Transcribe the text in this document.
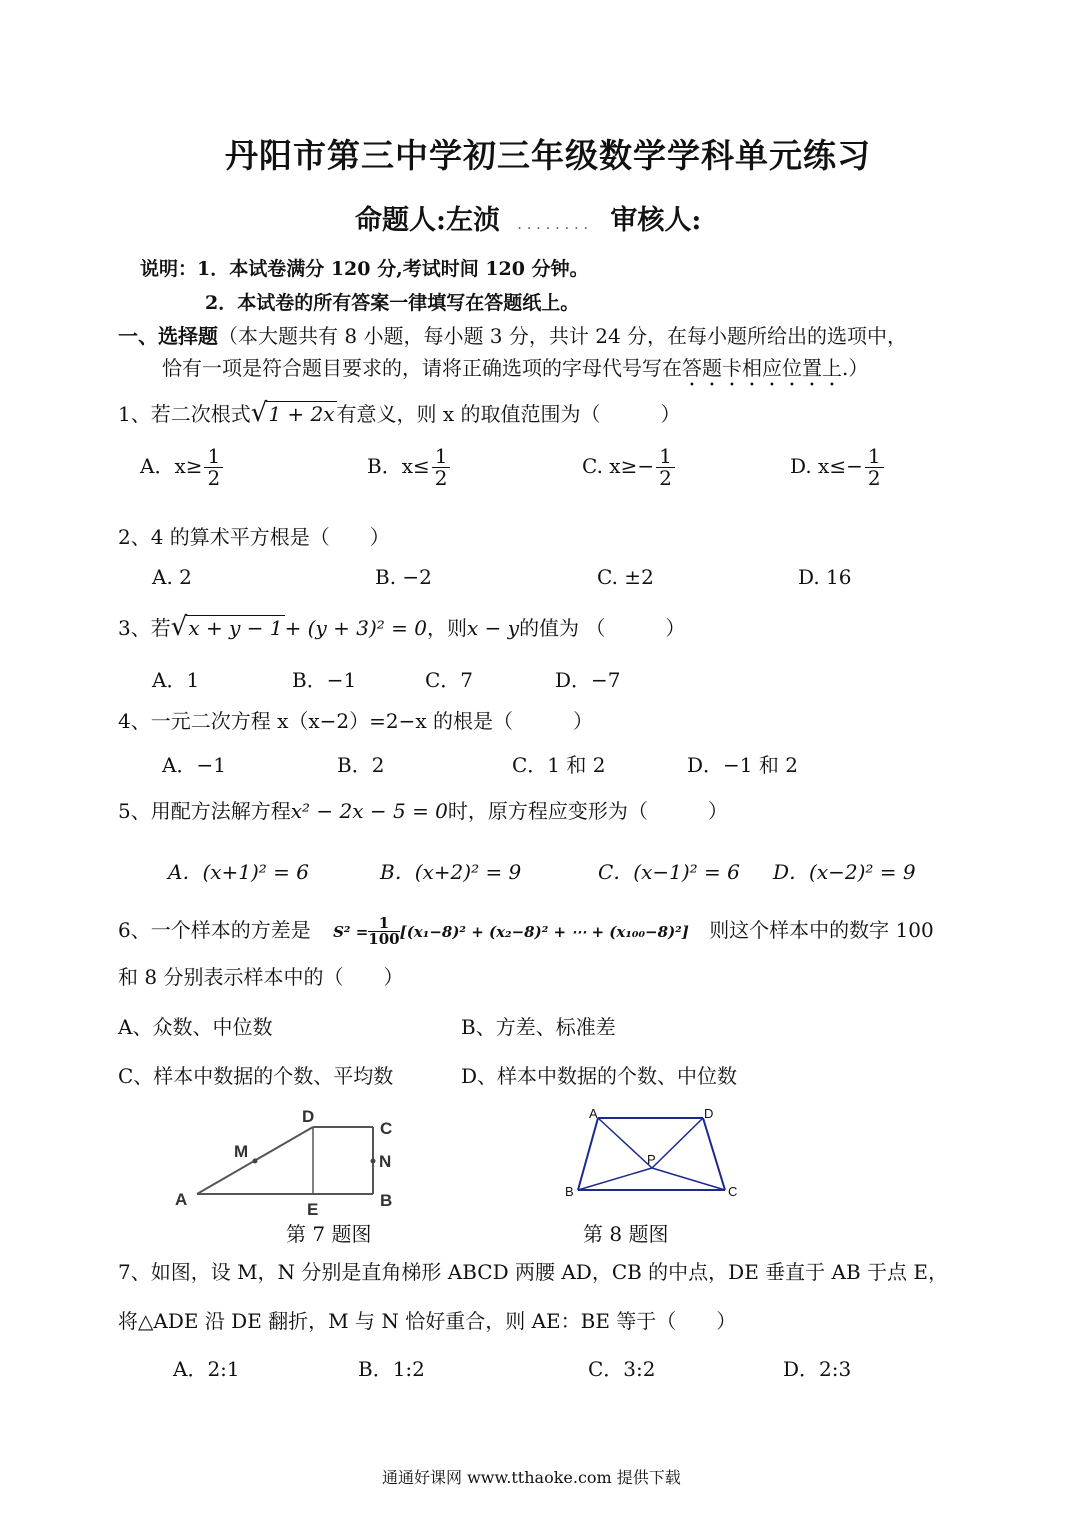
丹阳市第三中学初三年级数学学科单元练习
命题人:左浈 ........ 审核人:
说明：1．本试卷满分 120 分,考试时间 120 分钟。
2．本试卷的所有答案一律填写在答题纸上。
一、选择题（本大题共有 8 小题，每小题 3 分，共计 24 分，在每小题所给出的选项中，
恰有一项是符合题目要求的，请将正确选项的字母代号写在答题卡相应位置上.）
1、若二次根式√1 + 2x 有意义，则 x 的取值范围为（　　　）
A．$x\ge \frac{1}{2}$	B．$x\le \frac{1}{2}$	C. $x\ge- \frac{1}{2}$	D. $x\le- \frac{1}{2}$
2、4 的算术平方根是（　　）
A. 2	B. −2	C. ±2	D. 16
3、若√x + y − 1 + (y + 3)² = 0，则x − y的值为 （　　　）
A．1	B．−1	C．7	D．−7
4、一元二次方程 x（x−2）=2−x 的根是（　　　）
A．−1	B．2	C．1 和 2	D．−1 和 2
5、用配方法解方程x² − 2x − 5 = 0时，原方程应变形为（　　　）
A．(x+1)² = 6	B．(x+2)² = 9	C．(x−1)² = 6 D．(x−2)² = 9
6、一个样本的方差是 $S^2 = \frac{1}{100}[(x_1-8)^2 + (x_2-8)^2$ + ⋯ + (x₁₀₀−8)²] 则这个样本中的数字 100
和 8 分别表示样本中的（　　）
A、众数、中位数	B、方差、标准差
C、样本中数据的个数、平均数	D、样本中数据的个数、中位数
A	B
C
D
E
M
N
第 7 题图
A	D
B	C
P
第 8 题图
7、如图，设 M，N 分别是直角梯形 ABCD 两腰 AD，CB 的中点，DE 垂直于 AB 于点 E，
将△ADE 沿 DE 翻折，M 与 N 恰好重合，则 AE：BE 等于（　　）
A．2:1	B．1:2	C．3:2	D．2:3
通通好课网 www.tthaoke.com 提供下载
